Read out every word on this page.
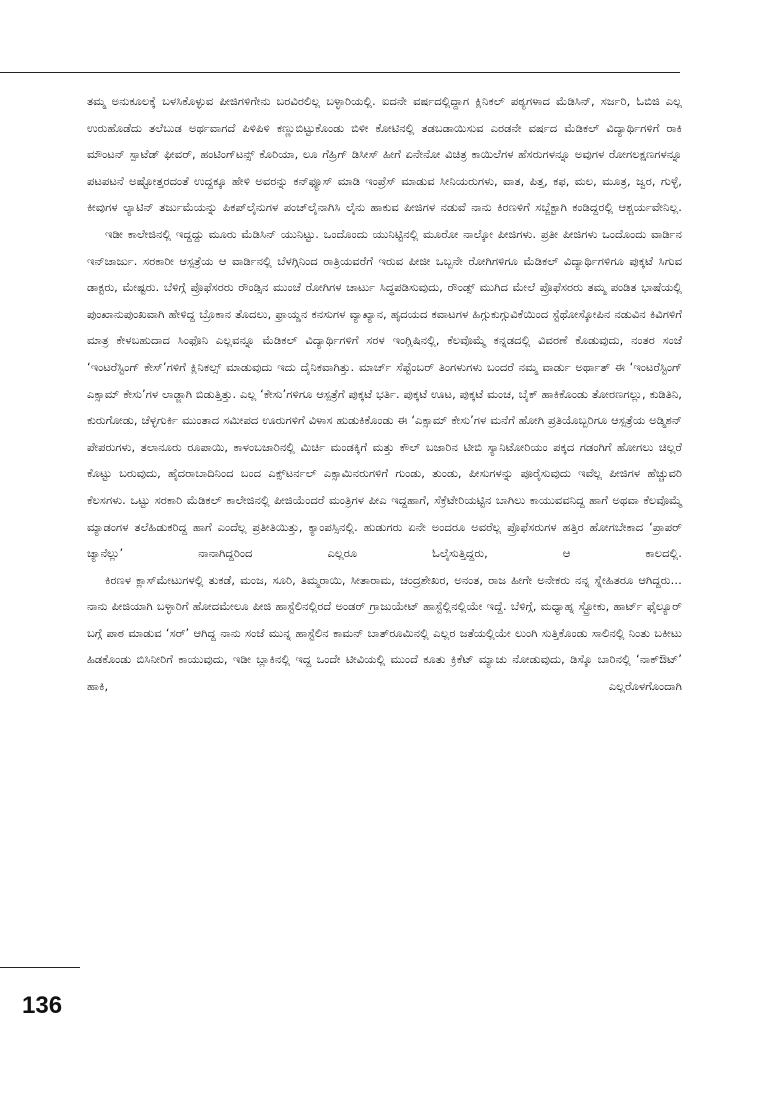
ತಮ್ಮ ಅನುಕೂಲಕ್ಕೆ ಬಳಸಿಕೊಳ್ಳುವ ಪೀಜಿಗಳಿಗೇನು ಬರವಿರಲಿಲ್ಲ ಬಳ್ಳಾರಿಯಲ್ಲಿ. ಐದನೇ ವರ್ಷದಲ್ಲಿದ್ದಾಗ ಕ್ಲಿನಿಕಲ್ ಪಠ್ಯಗಳಾದ ಮೆಡಿಸಿನ್, ಸರ್ಜರಿ, ಓಬಿಜಿ ಎಲ್ಲ ಉರುಹೊಡೆದು ತಲೆಬುಡ ಅರ್ಥವಾಗದೆ ಪಿಳಿಪಿಳಿ ಕಣ್ಣುಬಿಟ್ಟುಕೊಂಡು ಬಿಳೀ ಕೋಟಿನಲ್ಲಿ ತಡಬಡಾಯಿಸುವ ಎರಡನೇ ವರ್ಷದ ಮೆಡಿಕಲ್ ವಿದ್ಯಾರ್ಥಿಗಳಿಗೆ ರಾಕಿ ಮೌಂಟನ್ ಸ್ಪಾಟೆಡ್ ಫೀವರ್, ಹಂಟಿಂಗ್‌ಟನ್ಸ್ ಕೊರಿಯಾ, ಲೂ ಗೆಹ್ರಿಗ್ ಡಿಸೀಸ್ ಹೀಗೆ ಏನೇನೋ ವಿಚಿತ್ರ ಕಾಯಿಲೆಗಳ ಹೆಸರುಗಳನ್ನೂ ಅವುಗಳ ರೋಗಲಕ್ಷಣಗಳನ್ನೂ ಪಟಪಟನೆ ಅಷ್ಟೋತ್ತರದಂತೆ ಉದ್ದಕ್ಕೂ ಹೇಳಿ ಅವರನ್ನು ಕನ್‌ಫ್ಯೂಸ್ ಮಾಡಿ ಇಂಪ್ರೆಸ್ ಮಾಡುವ ಸೀನಿಯರುಗಳು, ವಾತ, ಪಿತ್ತ, ಕಫ, ಮಲ, ಮೂತ್ರ, ಜ್ವರ, ಗುಳ್ಳೆ, ಕೀವುಗಳ ಲ್ಯಾಟಿನ್ ತರ್ಜುಮೆಯನ್ನು ಪಿಕಪ್‌ಲೈನುಗಳ ಪಂಚ್‌ಲೈನಾಗಿಸಿ ಲೈನು ಹಾಕುವ ಪೀಜಿಗಳ ನಡುವೆ ನಾನು ಕಿರಣಳಿಗೆ ಸಬ್ಜೆಕ್ಟಾಗಿ ಕಂಡಿದ್ದರಲ್ಲಿ ಆಶ್ಚರ್ಯವೇನಿಲ್ಲ.

ಇಡೀ ಕಾಲೇಜಿನಲ್ಲಿ ಇದ್ದದ್ದು ಮೂರು ಮೆಡಿಸಿನ್ ಯುನಿಟ್ಟು. ಒಂದೊಂದು ಯುನಿಟ್ಟಿನಲ್ಲಿ ಮೂರೋ ನಾಲ್ಕೋ ಪೀಜಿಗಳು. ಪ್ರತೀ ಪೀಜಿಗಳು ಒಂದೊಂದು ವಾರ್ಡಿನ ಇನ್‌ಚಾರ್ಜು. ಸರಕಾರೀ ಆಸ್ಪತ್ರೆಯ ಆ ವಾರ್ಡಿನಲ್ಲಿ ಬೆಳಗ್ಗಿನಿಂದ ರಾತ್ರಿಯವರೆಗೆ ಇರುವ ಪೀಜೀ ಒಬ್ಬನೇ ರೋಗಿಗಳಿಗೂ ಮೆಡಿಕಲ್ ವಿದ್ಯಾರ್ಥಿಗಳಿಗೂ ಪುಕ್ಕಟೆ ಸಿಗುವ ಡಾಕ್ಟರು, ಮೇಷ್ಟರು. ಬೆಳಿಗ್ಗೆ ಪ್ರೊಫೆಸರರು ರೌಂಡ್ಸಿನ ಮುಂಚೆ ರೋಗಿಗಳ ಚಾರ್ಟು ಸಿದ್ಧಪಡಿಸುವುದು, ರೌಂಡ್ಸ್ ಮುಗಿದ ಮೇಲೆ ಪ್ರೊಫೆಸರರು ತಮ್ಮ ಪಂಡಿತ ಭಾಷೆಯಲ್ಲಿ ಪುಂಖಾನುಪುಂಖವಾಗಿ ಹೇಳಿದ್ದ ಬ್ರೊಕಾನ ತೊದಲು, ಫ್ರಾಯ್ಡನ ಕನಸುಗಳ ವ್ಯಾಖ್ಯಾನ, ಹೃದಯದ ಕವಾಟಗಳ ಹಿಗ್ಗುಕುಗ್ಗುವಿಕೆಯಿಂದ ಸ್ಟೆಥೋಸ್ಕೋಪಿನ ನಡುವಿನ ಕಿವಿಗಳಿಗೆ ಮಾತ್ರ ಕೇಳಬಹುದಾದ ಸಿಂಫೊನಿ ಎಲ್ಲವನ್ನೂ ಮೆಡಿಕಲ್ ವಿದ್ಯಾರ್ಥಿಗಳಿಗೆ ಸರಳ ಇಂಗ್ಲಿಷಿನಲ್ಲಿ, ಕೆಲವೊಮ್ಮೆ ಕನ್ನಡದಲ್ಲಿ ವಿವರಣೆ ಕೊಡುವುದು, ನಂತರ ಸಂಜೆ ‘ಇಂಟರೆಸ್ಟಿಂಗ್ ಕೇಸ್’ಗಳಿಗೆ ಕ್ಲಿನಿಕಲ್ಸ್ ಮಾಡುವುದು ಇದು ದೈನಿಕವಾಗಿತ್ತು. ಮಾರ್ಚ್ ಸೆಪ್ಟೆಂಬರ್ ತಿಂಗಳುಗಳು ಬಂದರೆ ನಮ್ಮ ವಾರ್ಡು ಅರ್ಥಾತ್ ಈ ‘ಇಂಟರೆಸ್ಟಿಂಗ್ ಎಕ್ಸಾಮ್ ಕೇಸು’ಗಳ ಲಾಡ್ಜಾಗಿ ಬಿಡುತ್ತಿತ್ತು. ಎಲ್ಲ ‘ಕೇಸು’ಗಳಿಗೂ ಆಸ್ಪತ್ರೆಗೆ ಪುಕ್ಕಟೆ ಭರ್ತಿ. ಪುಕ್ಕಟೆ ಊಟ, ಪುಕ್ಕಟೆ ಮಂಚ, ಬೈಕ್ ಹಾಕಿಕೊಂಡು ತೋರಣಗಲ್ಲು, ಕುಡಿತಿನಿ, ಕುರುಗೋಡು, ಚೆಳ್ಳಗುರ್ಕಿ ಮುಂತಾದ ಸಮೀಪದ ಊರುಗಳಿಗೆ ವಿಳಾಸ ಹುಡುಕಿಕೊಂಡು ಈ ‘ಎಕ್ಸಾಮ್ ಕೇಸು’ಗಳ ಮನೆಗೆ ಹೋಗಿ ಪ್ರತಿಯೊಬ್ಬರಿಗೂ ಆಸ್ಪತ್ರೆಯ ಅಡ್ಮಿಶನ್ ಪೇಪರುಗಳು, ತಲಾನೂರು ರೂಪಾಯಿ, ಕಾಳಂಬಜಾರಿನಲ್ಲಿ ಮಿರ್ಚಿ ಮಂಡಕ್ಕಿಗೆ ಮತ್ತು ಕೌಲ್ ಬಜಾರಿನ ಟೀಬಿ ಸ್ಯಾನಿಟೋರಿಯಂ ಪಕ್ಕದ ಗಡಂಗಿಗೆ ಹೋಗಲು ಚಿಲ್ಲರೆ ಕೊಟ್ಟು ಬರುವುದು, ಹೈದರಾಬಾದಿನಿಂದ ಬಂದ ಎಕ್ಸ್‌ಟರ್ನಲ್ ಎಕ್ಸಾಮಿನರುಗಳಿಗೆ ಗುಂಡು, ತುಂಡು, ಪೀಸುಗಳನ್ನು ಪೂರೈಸುವುದು ಇವೆಲ್ಲ ಪೀಜಿಗಳ ಹೆಚ್ಚುವರಿ ಕೆಲಸಗಳು. ಒಟ್ಟು ಸರಕಾರಿ ಮೆಡಿಕಲ್ ಕಾಲೇಜಿನಲ್ಲಿ ಪೀಜಿಯೆಂದರೆ ಮಂತ್ರಿಗಳ ಪೀಎ ಇದ್ದಹಾಗೆ, ಸೆಕ್ರೆಟೇರಿಯಟ್ಟಿನ ಬಾಗಿಲು ಕಾಯುವವನಿದ್ದ ಹಾಗೆ ಅಥವಾ ಕೆಲವೊಮ್ಮೆ ಮ್ಯಾಡಂಗಳ ತಲೆಹಿಡುಕರಿದ್ದ ಹಾಗೆ ಎಂದೆಲ್ಲ ಪ್ರತೀತಿಯಿತ್ತು, ಕ್ಯಾಂಪಸ್ಸಿನಲ್ಲಿ. ಹುಡುಗರು ಏನೇ ಅಂದರೂ ಅವರೆಲ್ಲ ಪ್ರೊಫೆಸರುಗಳ ಹತ್ತಿರ ಹೋಗಬೇಕಾದ ‘ಪ್ರಾಪರ್ ಚ್ಯಾನೆಲ್ಲು’ ನಾನಾಗಿದ್ದರಿಂದ ಎಲ್ಲರೂ ಓಲೈಸುತ್ತಿದ್ದರು, ಆ ಕಾಲದಲ್ಲಿ.

ಕಿರಣಳ ಕ್ಲಾಸ್‌ಮೇಟುಗಳಲ್ಲಿ ತುಕಡೆ, ಮಂಜ, ಸೂರಿ, ತಿಮ್ಮರಾಯಿ, ಸೀತಾರಾಮ, ಚಂದ್ರಶೇಖರ, ಅನಂತ, ರಾಜ ಹೀಗೇ ಅನೇಕರು ನನ್ನ ಸ್ನೇಹಿತರೂ ಆಗಿದ್ದರು… ನಾನು ಪೀಜಿಯಾಗಿ ಬಳ್ಳಾರಿಗೆ ಹೋದಮೇಲೂ ಪೀಜಿ ಹಾಸ್ಟೆಲಿನಲ್ಲಿರದೆ ಅಂಡರ್ ಗ್ರಾಜುಯೇಟ್ ಹಾಸ್ಟೆಲ್ಲಿನಲ್ಲಿಯೇ ಇದ್ದೆ. ಬೆಳಿಗ್ಗೆ, ಮಧ್ಯಾಹ್ನ ಸ್ಟ್ರೋಕು, ಹಾರ್ಟ್ ಫೈಲ್ಯೂರ್ ಬಗ್ಗೆ ಪಾಠ ಮಾಡುವ ‘ಸರ್’ ಆಗಿದ್ದ ನಾನು ಸಂಜೆ ಮುನ್ನ ಹಾಸ್ಟೆಲಿನ ಕಾಮನ್ ಬಾತ್‌ರೂಮಿನಲ್ಲಿ ಎಲ್ಲರ ಜತೆಯಲ್ಲಿಯೇ ಲುಂಗಿ ಸುತ್ತಿಕೊಂಡು ಸಾಲಿನಲ್ಲಿ ನಿಂತು ಬಕೀಟು ಹಿಡಕೊಂಡು ಬಿಸಿನೀರಿಗೆ ಕಾಯುವುದು, ಇಡೀ ಬ್ಲಾಕಿನಲ್ಲಿ ಇದ್ದ ಒಂದೇ ಟೀವಿಯಲ್ಲಿ ಮುಂದೆ ಕೂತು ಕ್ರಿಕೆಟ್ ಮ್ಯಾಚು ನೋಡುವುದು, ಡಿಸ್ಕೊ ಬಾರಿನಲ್ಲಿ ‘ನಾಕ್‌ಔಟ್’ ಹಾಕಿ, ಎಲ್ಲರೊಳಗೊಂದಾಗಿ

136
